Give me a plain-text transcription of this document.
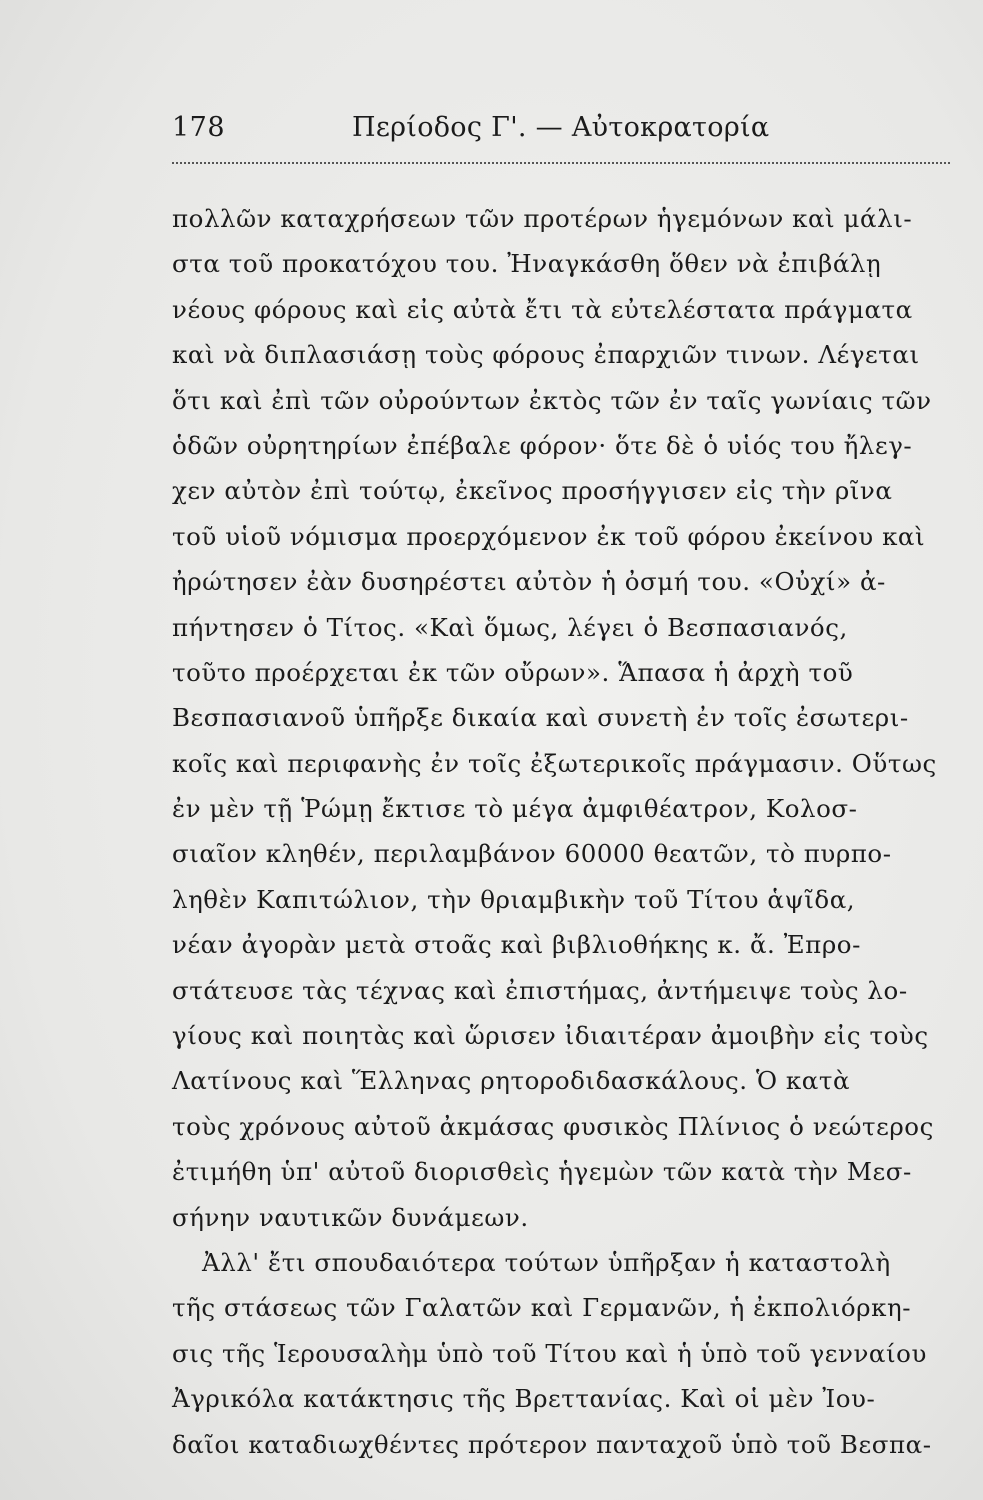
178	Περίοδος Γ'. — Αὐτοκρατορία
πολλῶν καταχρήσεων τῶν προτέρων ἡγεμόνων καὶ μάλι-
στα τοῦ προκατόχου του. Ἠναγκάσθη ὅθεν νὰ ἐπιβάλῃ
νέους φόρους καὶ εἰς αὐτὰ ἔτι τὰ εὐτελέστατα πράγματα
καὶ νὰ διπλασιάσῃ τοὺς φόρους ἐπαρχιῶν τινων. Λέγεται
ὅτι καὶ ἐπὶ τῶν οὐρούντων ἐκτὸς τῶν ἐν ταῖς γωνίαις τῶν
ὁδῶν οὐρητηρίων ἐπέβαλε φόρον· ὅτε δὲ ὁ υἱός του ἤλεγ-
χεν αὐτὸν ἐπὶ τούτῳ, ἐκεῖνος προσήγγισεν εἰς τὴν ρῖνα
τοῦ υἱοῦ νόμισμα προερχόμενον ἐκ τοῦ φόρου ἐκείνου καὶ
ἠρώτησεν ἐὰν δυσηρέστει αὐτὸν ἡ ὀσμή του. «Οὐχί» ἀ-
πήντησεν ὁ Τίτος. «Καὶ ὅμως, λέγει ὁ Βεσπασιανός,
τοῦτο προέρχεται ἐκ τῶν οὔρων». Ἅπασα ἡ ἀρχὴ τοῦ
Βεσπασιανοῦ ὑπῆρξε δικαία καὶ συνετὴ ἐν τοῖς ἐσωτερι-
κοῖς καὶ περιφανὴς ἐν τοῖς ἐξωτερικοῖς πράγμασιν. Οὕτως
ἐν μὲν τῇ Ῥώμῃ ἔκτισε τὸ μέγα ἀμφιθέατρον, Κολοσ-
σιαῖον κληθέν, περιλαμβάνον 60000 θεατῶν, τὸ πυρπο-
ληθὲν Καπιτώλιον, τὴν θριαμβικὴν τοῦ Τίτου ἁψῖδα,
νέαν ἀγορὰν μετὰ στοᾶς καὶ βιβλιοθήκης κ. ἄ. Ἐπρο-
στάτευσε τὰς τέχνας καὶ ἐπιστήμας, ἀντήμειψε τοὺς λο-
γίους καὶ ποιητὰς καὶ ὥρισεν ἰδιαιτέραν ἀμοιβὴν εἰς τοὺς
Λατίνους καὶ Ἕλληνας ρητοροδιδασκάλους. Ὁ κατὰ
τοὺς χρόνους αὐτοῦ ἀκμάσας φυσικὸς Πλίνιος ὁ νεώτερος
ἐτιμήθη ὑπ' αὐτοῦ διορισθεὶς ἡγεμὼν τῶν κατὰ τὴν Μεσ-
σήνην ναυτικῶν δυνάμεων.
Ἀλλ' ἔτι σπουδαιότερα τούτων ὑπῆρξαν ἡ καταστολὴ
τῆς στάσεως τῶν Γαλατῶν καὶ Γερμανῶν, ἡ ἐκπολιόρκη-
σις τῆς Ἱερουσαλὴμ ὑπὸ τοῦ Τίτου καὶ ἡ ὑπὸ τοῦ γενναίου
Ἀγρικόλα κατάκτησις τῆς Βρεττανίας. Καὶ οἱ μὲν Ἰου-
δαῖοι καταδιωχθέντες πρότερον πανταχοῦ ὑπὸ τοῦ Βεσπα-
